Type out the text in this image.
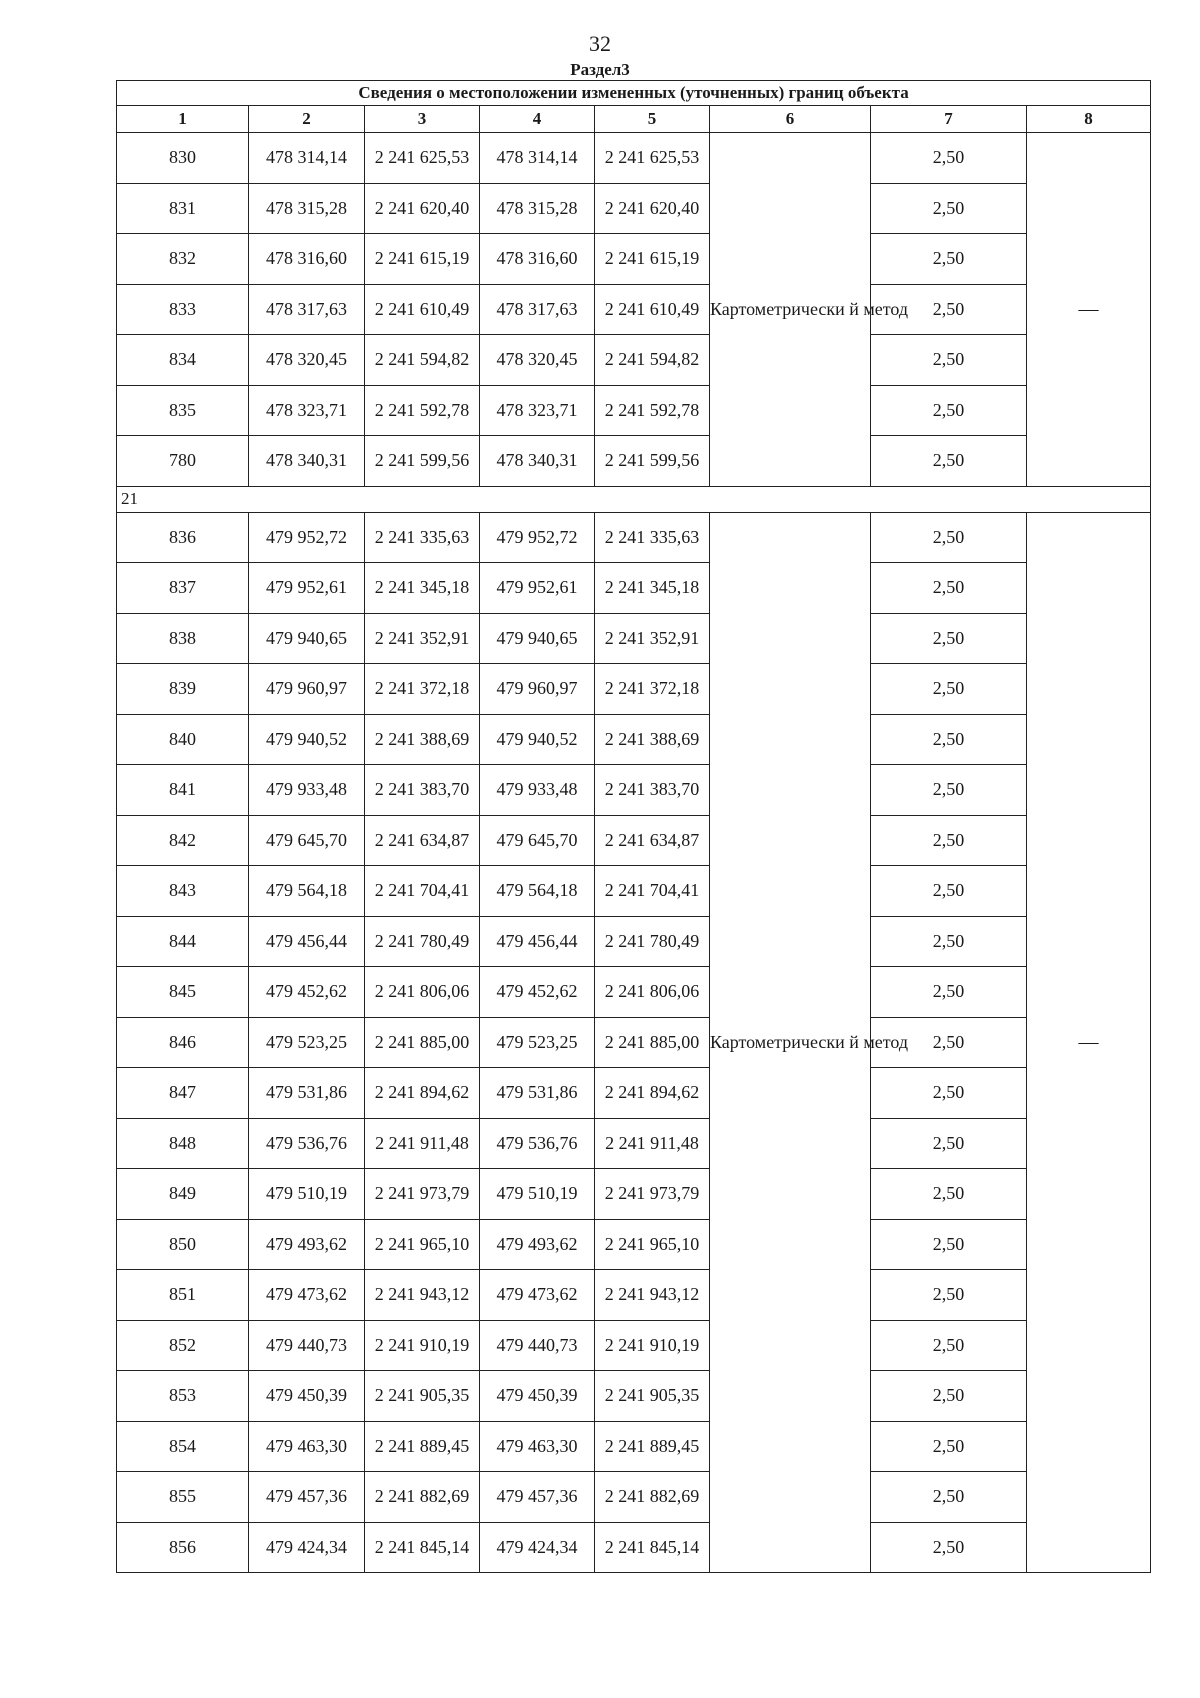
32
Раздел3
Сведения о местоположении измененных (уточненных) границ объекта							
1	2	3	4	5	6	7	8
830	478 314,14	2 241 625,53	478 314,14	2 241 625,53	Картометрически й метод	2,50	—
831	478 315,28	2 241 620,40	478 315,28	2 241 620,40		2,50	
832	478 316,60	2 241 615,19	478 316,60	2 241 615,19		2,50	
833	478 317,63	2 241 610,49	478 317,63	2 241 610,49		2,50	
834	478 320,45	2 241 594,82	478 320,45	2 241 594,82		2,50	
835	478 323,71	2 241 592,78	478 323,71	2 241 592,78		2,50	
780	478 340,31	2 241 599,56	478 340,31	2 241 599,56		2,50	
21							
836	479 952,72	2 241 335,63	479 952,72	2 241 335,63	Картометрически й метод	2,50	—
837	479 952,61	2 241 345,18	479 952,61	2 241 345,18		2,50	
838	479 940,65	2 241 352,91	479 940,65	2 241 352,91		2,50	
839	479 960,97	2 241 372,18	479 960,97	2 241 372,18		2,50	
840	479 940,52	2 241 388,69	479 940,52	2 241 388,69		2,50	
841	479 933,48	2 241 383,70	479 933,48	2 241 383,70		2,50	
842	479 645,70	2 241 634,87	479 645,70	2 241 634,87		2,50	
843	479 564,18	2 241 704,41	479 564,18	2 241 704,41		2,50	
844	479 456,44	2 241 780,49	479 456,44	2 241 780,49		2,50	
845	479 452,62	2 241 806,06	479 452,62	2 241 806,06		2,50	
846	479 523,25	2 241 885,00	479 523,25	2 241 885,00		2,50	
847	479 531,86	2 241 894,62	479 531,86	2 241 894,62		2,50	
848	479 536,76	2 241 911,48	479 536,76	2 241 911,48		2,50	
849	479 510,19	2 241 973,79	479 510,19	2 241 973,79		2,50	
850	479 493,62	2 241 965,10	479 493,62	2 241 965,10		2,50	
851	479 473,62	2 241 943,12	479 473,62	2 241 943,12		2,50	
852	479 440,73	2 241 910,19	479 440,73	2 241 910,19		2,50	
853	479 450,39	2 241 905,35	479 450,39	2 241 905,35		2,50	
854	479 463,30	2 241 889,45	479 463,30	2 241 889,45		2,50	
855	479 457,36	2 241 882,69	479 457,36	2 241 882,69		2,50	
856	479 424,34	2 241 845,14	479 424,34	2 241 845,14		2,50	
